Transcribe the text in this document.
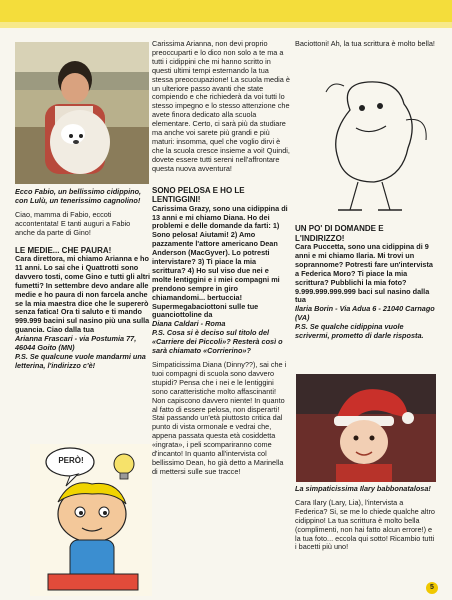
Ecco Fabio, un bellissimo cidippino, con Lulù, un tenerissimo cagnolino!

Ciao, mamma di Fabio, eccoti accontentata! E tanti auguri a Fabio anche da parte di Gino!

LE MEDIE... CHE PAURA!

Cara direttora, mi chiamo Arianna e ho 11 anni. Lo sai che i Quattrotti sono davvero tosti, come Gino e tutti gli altri fumetti? In settembre devo andare alle medie e ho paura di non farcela anche se la mia maestra dice che le supererò senza fatica! Ora ti saluto e ti mando 999.999 bacini sul nasino più una sulla guancia. Ciao dalla tua

Arianna Frascari - via Postumia 77, 46044 Goito (MN)

P.S. Se qualcune vuole mandarmi una letterina, l'indirizzo c'è!

PERÒ!

Carissima Arianna, non devi proprio preoccuparti e lo dico non solo a te ma a tutti i cidippini che mi hanno scritto in questi ultimi tempi esternando la tua stessa preoccupazione! La scuola media è un ulteriore passo avanti che state compiendo e che richiederà da voi tutti lo stesso impegno e lo stesso attenzione che avete finora dedicato alla scuola elementare. Certo, ci sarà più da studiare ma anche voi sarete più grandi e più maturi: insomma, quel che voglio dirvi è che la scuola cresce insieme a voi! Quindi, dovete essere tutti sereni nell'affrontare questa nuova avventura!

SONO PELOSA E HO LE LENTIGGINI!

Carissima Grazy, sono una cidippina di 13 anni e mi chiamo Diana. Ho dei problemi e delle domande da farti: 1) Sono pelosa! Aiutami! 2) Amo pazzamente l'attore americano Dean Anderson (MacGyver). Lo potresti intervistare? 3) Ti piace la mia scrittura? 4) Ho sul viso due nei e molte lentiggini e i miei compagni mi prendono sempre in giro chiamandomi... bertuccia! Supermegabaciottoni sulle tue guanciottoline da

Diana Caldari - Roma

P.S. Cosa si è deciso sul titolo del «Carriere dei Piccoli»? Resterà così o sarà chiamato «Corrierino»?

Simpaticissima Diana (Dinny??), sai che i tuoi compagni di scuola sono davvero stupidi? Pensa che i nei e le lentiggini sono caratteristiche molto affascinanti! Non capiscono davvero niente! In quanto al fatto di essere pelosa, non disperarti! Stai passando un'età piuttosto critica dal punto di vista ormonale e vedrai che, appena passata questa età cosiddetta «ingrata», i peli scompariranno come d'incanto! In quanto all'intervista col bellissimo Dean, ho già detto a Marinella di mettersi sulle sue tracce!

Baciottoni! Ah, la tua scrittura è molto bella!

UN PO' DI DOMANDE E L'INDIRIZZO!

Cara Puccetta, sono una cidippina di 9 anni e mi chiamo Ilaria. Mi trovi un soprannome? Potresti fare un'intervista a Federica Moro? Ti piace la mia scrittura? Pubblichi la mia foto? 9.999.999.999.999 baci sul nasino dalla tua

Ilaria Borin - Via Adua 6 - 21040 Carnago (VA)

P.S. Se qualche cidippina vuole scrivermi, prometto di darle risposta.

La simpaticissima Ilary babbonatalosa!

Cara Ilary (Lary, Lia), l'intervista a Federica? Si, se me lo chiede qualche altro cidippino! La tua scrittura è molto bella (complimenti, non hai fatto alcun errore!) e la tua foto... eccola qui sotto! Ricambio tutti i bacetti più uno!

5
